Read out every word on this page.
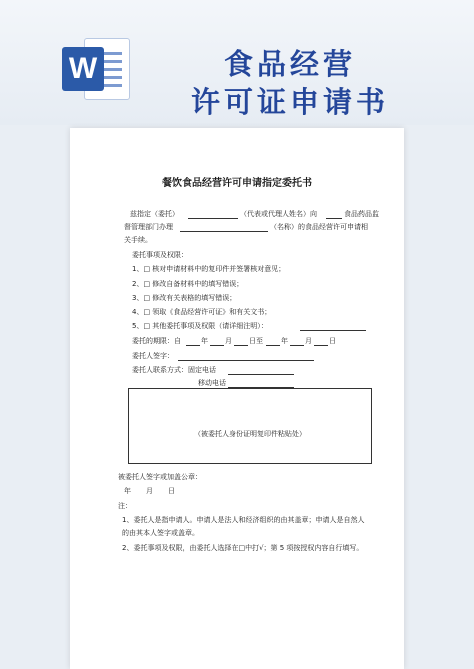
W	食品经营
许可证申请书
餐饮食品经营许可申请指定委托书
兹指定（委托）	（代表或代理人姓名）向	食品药品监
督管理部门办理	（名称）的食品经营许可申请相
关手续。
委托事项及权限：
1、□ 核对申请材料中的复印件并签署核对意见；
2、□ 修改自备材料中的填写错误；
3、□ 修改有关表格的填写错误；
4、□ 领取《食品经营许可证》和有关文书；
5、□ 其他委托事项及权限（请详细注明）：
委托的期限：自	年 月 日至	年 月 日
委托人签字：
委托人联系方式：固定电话
移动电话
（被委托人身份证明复印件粘贴处）
被委托人签字或加盖公章：
年 月 日
注：
1、委托人是指申请人。申请人是法人和经济组织的由其盖章；申请人是自然人
的由其本人签字或盖章。
2、委托事项及权限，由委托人选择在□中打√；第 5 项按授权内容自行填写。
